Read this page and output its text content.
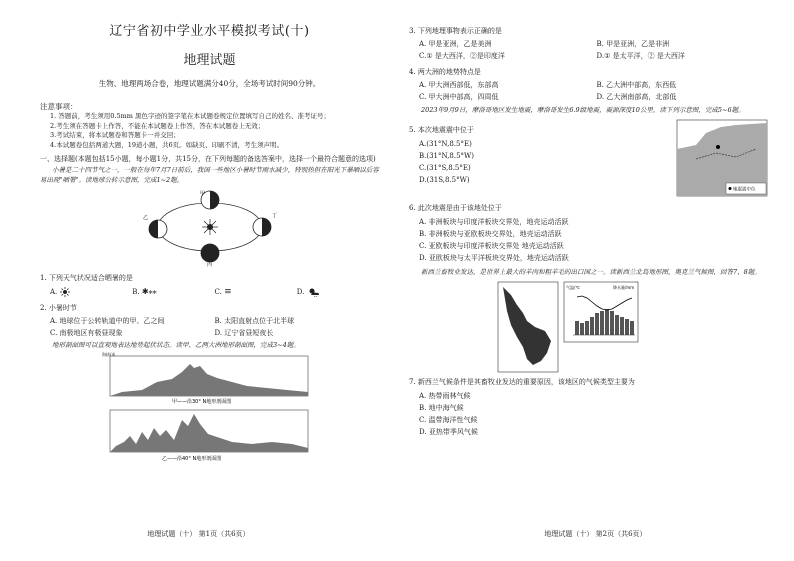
辽宁省初中学业水平模拟考试(十)
地理试题
生物、地理两场合卷，地理试题满分40分，全场考试时间90分钟。
注意事项：
1. 答题前，考生须用0.5mm 黑色字迹的签字笔在本试题卷规定位置填写自己的姓名、准考证号；
2.考生须在答题卡上作答，不能在本试题卷上作答，答在本试题卷上无效；
3.考试结束，将本试题卷和答题卡一并交回；
4.本试题卷包括两道大题，19道小题，共6页。如缺页、印刷不清，考生须声明。
一、选择题(本题包括15小题，每小题1分，共15分，在下列每题的备选答案中，选择一个最符合题意的选项)
小暑是二十四节气之一，一般在每年7月7日前后，我国一些地区小暑时节雨水减少，特别热但在阳光下暴晒以后容易出现"晒署"。读地球公转示意图，完成1~2题。
甲
乙
丙
丁
1. 下列天气状况适合晒暑的是
A.	B. ✱⁎⁎	C. ≡	D.
2. 小暑时节
A. 地球位于公转轨道中的甲、乙之间	B. 太阳直射点位于北半球
C. 南极地区有极昼现象	D. 辽宁省昼短夜长
地形剖面图可以直观地表达地势起伏状态。读甲、乙两大洲地形剖面图，完成3~4题。
海拔/米
甲——沿30° N地形剖面图
乙——沿40° N地形剖面图
地理试题（十） 第1页（共6页）
3. 下列地理事物表示正确的是
A. 甲是亚洲，乙是美洲	B. 甲是亚洲，乙是非洲
C.① 是大西洋，②是印度洋	D.① 是太平洋，② 是大西洋
4. 两大洲的地势特点是
A. 甲大洲西部低，东部高	B. 乙大洲中部高，东西低
C. 甲大洲中部高，四周低	D. 乙大洲南部高，北部低
2023年9月9日，摩洛哥地区发生地震，摩洛哥发生6.9级地震，震源深度10公里。读下列示意图，完成5~6题。
5. 本次地震震中位于
A.(31°N,8.5°E)
B.(31°N,8.5°W)
C.(31°S,8.5°E)
D.(31S,8.5°W)
地震震中位
6. 此次地震是由于该地处位于
A. 非洲板块与印度洋板块交界处，地壳运动活跃
B. 非洲板块与亚欧板块交界处，地壳运动活跃
C. 亚欧板块与印度洋板块交界处 地壳运动活跃
D. 亚欧板块与太平洋板块交界处，地壳运动活跃
新西兰畜牧业发达，是世界上最大的羊肉和粗羊毛的出口国之一。读新西兰北岛地形图，奥克兰气候图，回答7、8题。
气温/℃	降水量/mm
7. 新西兰气候条件是其畜牧业发达的重要原因，该地区的气候类型主要为
A. 热带雨林气候
B. 地中海气候
C. 温带海洋性气候
D. 亚热带季风气候
地理试题（十） 第2页（共6页）
